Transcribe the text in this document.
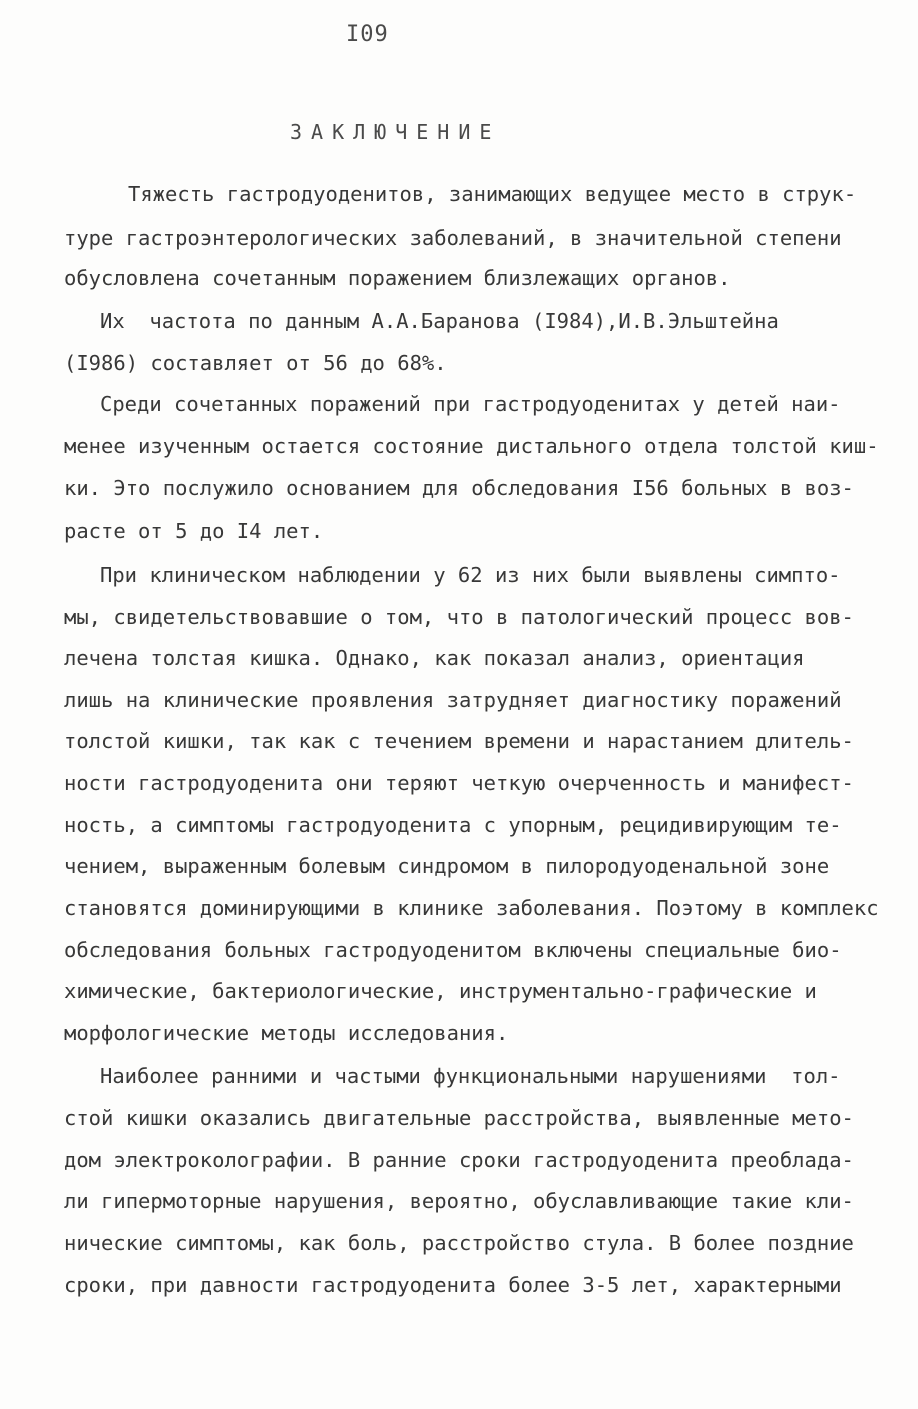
I09
ЗАКЛЮЧЕНИЕ
Тяжесть гастродуоденитов, занимающих ведущее место в струк-
туре гастроэнтерологических заболеваний, в значительной степени
обусловлена сочетанным поражением близлежащих органов.
Их  частота по данным А.А.Баранова (I984),И.В.Эльштейна
(I986) составляет от 56 до 68%.
Среди сочетанных поражений при гастродуоденитах у детей наи-
менее изученным остается состояние дистального отдела толстой киш-
ки. Это послужило основанием для обследования I56 больных в воз-
расте от 5 до I4 лет.
При клиническом наблюдении у 62 из них были выявлены симпто-
мы, свидетельствовавшие о том, что в патологический процесс вов-
лечена толстая кишка. Однако, как показал анализ, ориентация
лишь на клинические проявления затрудняет диагностику поражений
толстой кишки, так как с течением времени и нарастанием длитель-
ности гастродуоденита они теряют четкую очерченность и манифест-
ность, а симптомы гастродуоденита с упорным, рецидивирующим те-
чением, выраженным болевым синдромом в пилородуоденальной зоне
становятся доминирующими в клинике заболевания. Поэтому в комплекс
обследования больных гастродуоденитом включены специальные био-
химические, бактериологические, инструментально-графические и
морфологические методы исследования.
Наиболее ранними и частыми функциональными нарушениями  тол-
стой кишки оказались двигательные расстройства, выявленные мето-
дом электроколографии. В ранние сроки гастродуоденита преоблада-
ли гипермоторные нарушения, вероятно, обуславливающие такие кли-
нические симптомы, как боль, расстройство стула. В более поздние
сроки, при давности гастродуоденита более 3-5 лет, характерными
